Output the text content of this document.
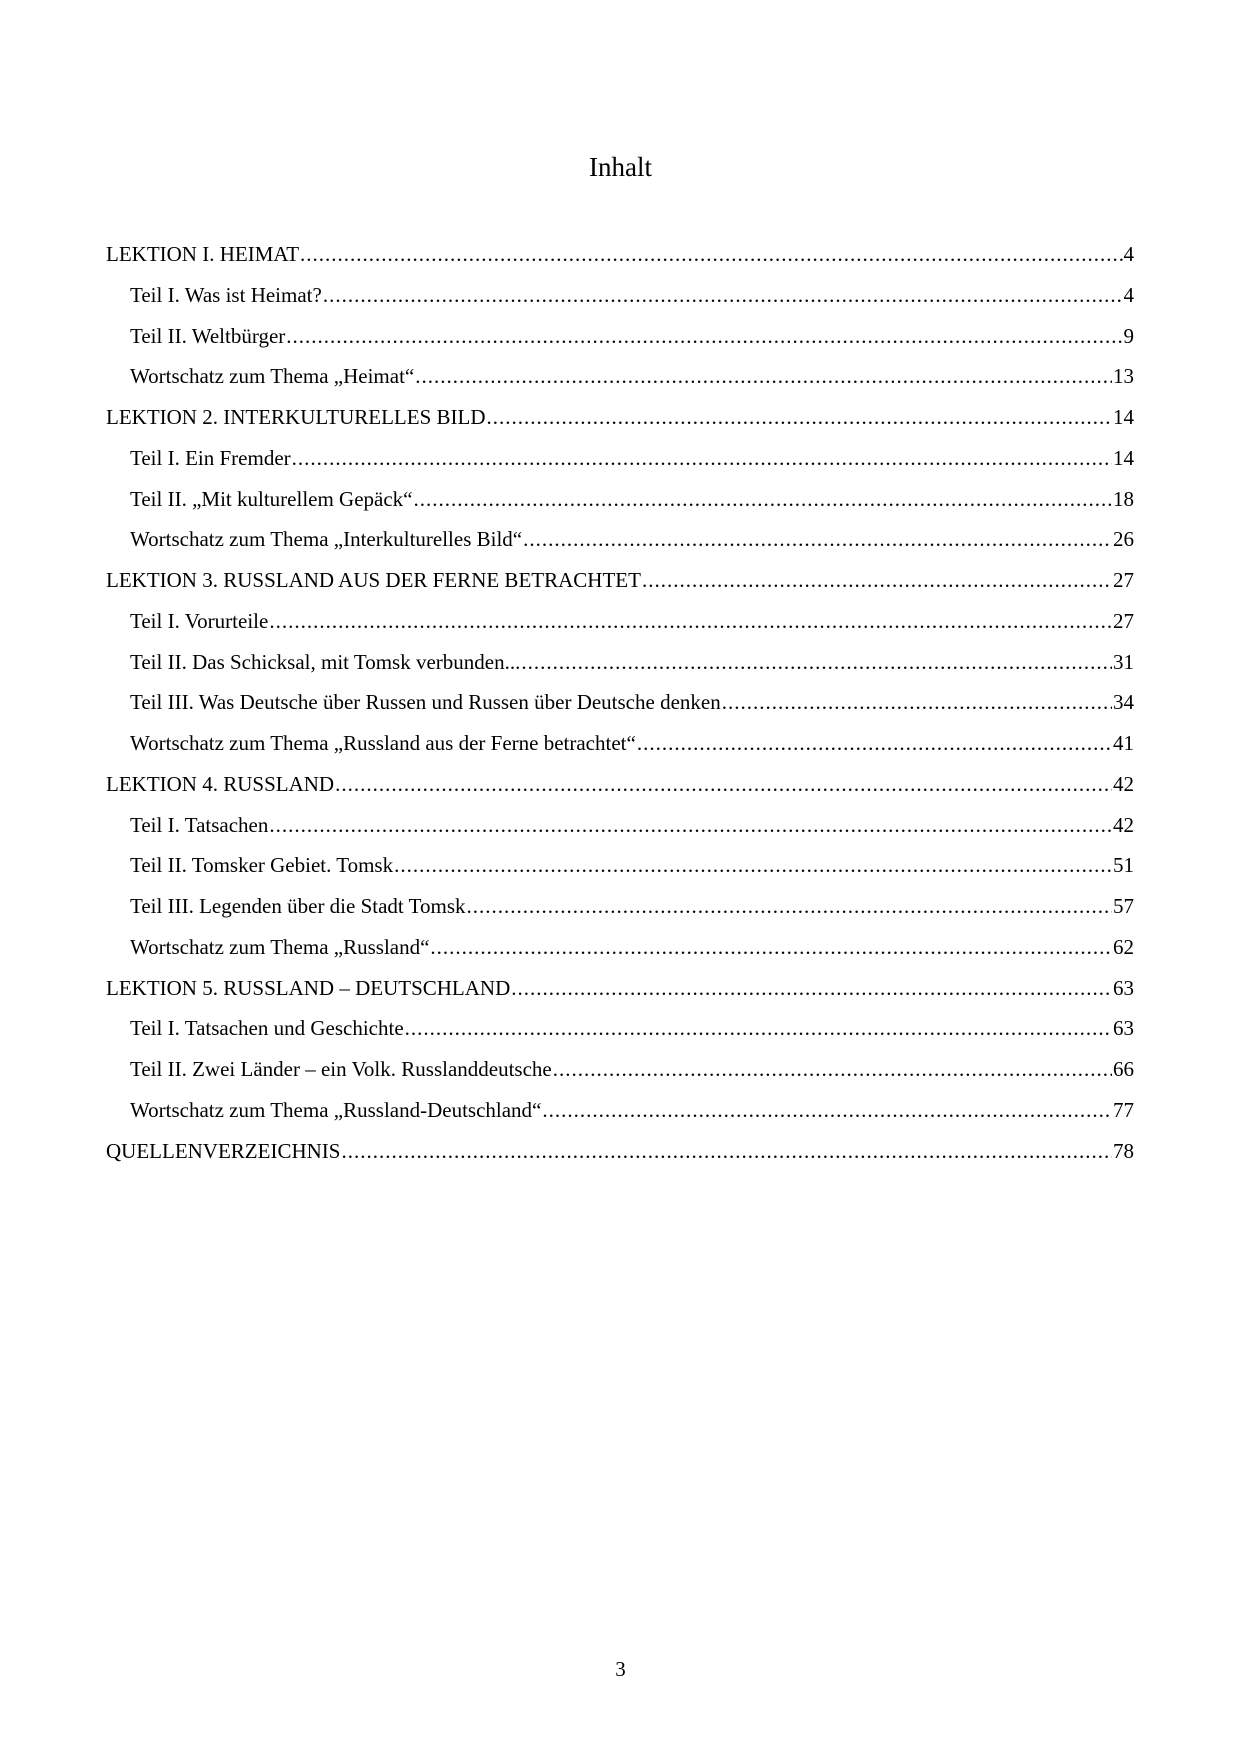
Inhalt
LEKTION I. HEIMAT .....	4
Teil I. Was ist Heimat? .....	4
Teil II. Weltbürger .....	9
Wortschatz zum Thema „Heimat“ .....	13
LEKTION 2. INTERKULTURELLES BILD .....	14
Teil I. Ein Fremder .....	14
Teil II. „Mit kulturellem Gepäck“ .....	18
Wortschatz zum Thema „Interkulturelles Bild“ .....	26
LEKTION 3. RUSSLAND AUS DER FERNE BETRACHTET .....	27
Teil I. Vorurteile .....	27
Teil II. Das Schicksal, mit Tomsk verbunden... .....	31
Teil III. Was Deutsche über Russen und Russen über Deutsche denken .....	34
Wortschatz zum Thema „Russland aus der Ferne betrachtet“ .....	41
LEKTION 4. RUSSLAND .....	42
Teil I. Tatsachen .....	42
Teil II. Tomsker Gebiet. Tomsk .....	51
Teil III. Legenden über die Stadt Tomsk .....	57
Wortschatz zum Thema „Russland“ .....	62
LEKTION 5. RUSSLAND – DEUTSCHLAND .....	63
Teil I. Tatsachen und Geschichte .....	63
Teil II. Zwei Länder – ein Volk. Russlanddeutsche .....	66
Wortschatz zum Thema „Russland-Deutschland“ .....	77
QUELLENVERZEICHNIS .....	78
3
